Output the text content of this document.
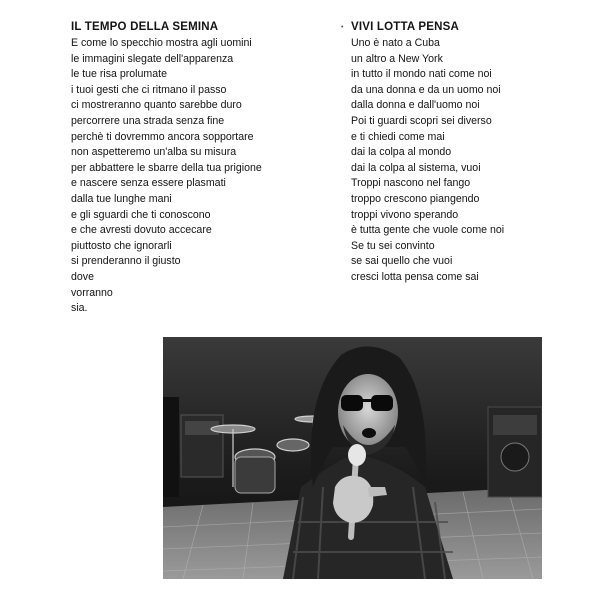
IL TEMPO DELLA SEMINA
E come lo specchio mostra agli uomini
le immagini slegate dell'apparenza
le tue risa prolumate
i tuoi gesti che ci ritmano il passo
ci mostreranno quanto sarebbe duro
percorrere una strada senza fine
perchè ti dovremmo ancora sopportare
non aspetteremo un'alba su misura
per abbattere le sbarre della tua prigione
e nascere senza essere plasmati
dalla tue lunghe mani
e gli sguardi che ti conoscono
e che avresti dovuto accecare
piuttosto che ignorarli
si prenderanno il giusto
dove
vorranno
sia.
• VIVI LOTTA PENSA
Uno è nato a Cuba
un altro a New York
in tutto il mondo nati come noi
da una donna e da un uomo noi
dalla donna e dall'uomo noi
Poi ti guardi scopri sei diverso
e ti chiedi come mai
dai la colpa al mondo
dai la colpa al sistema, vuoi
Troppi nascono nel fango
troppo crescono piangendo
troppi vivono sperando
è tutta gente che vuole come noi
Se tu sei convinto
se sai quello che vuoi
cresci lotta pensa come sai
